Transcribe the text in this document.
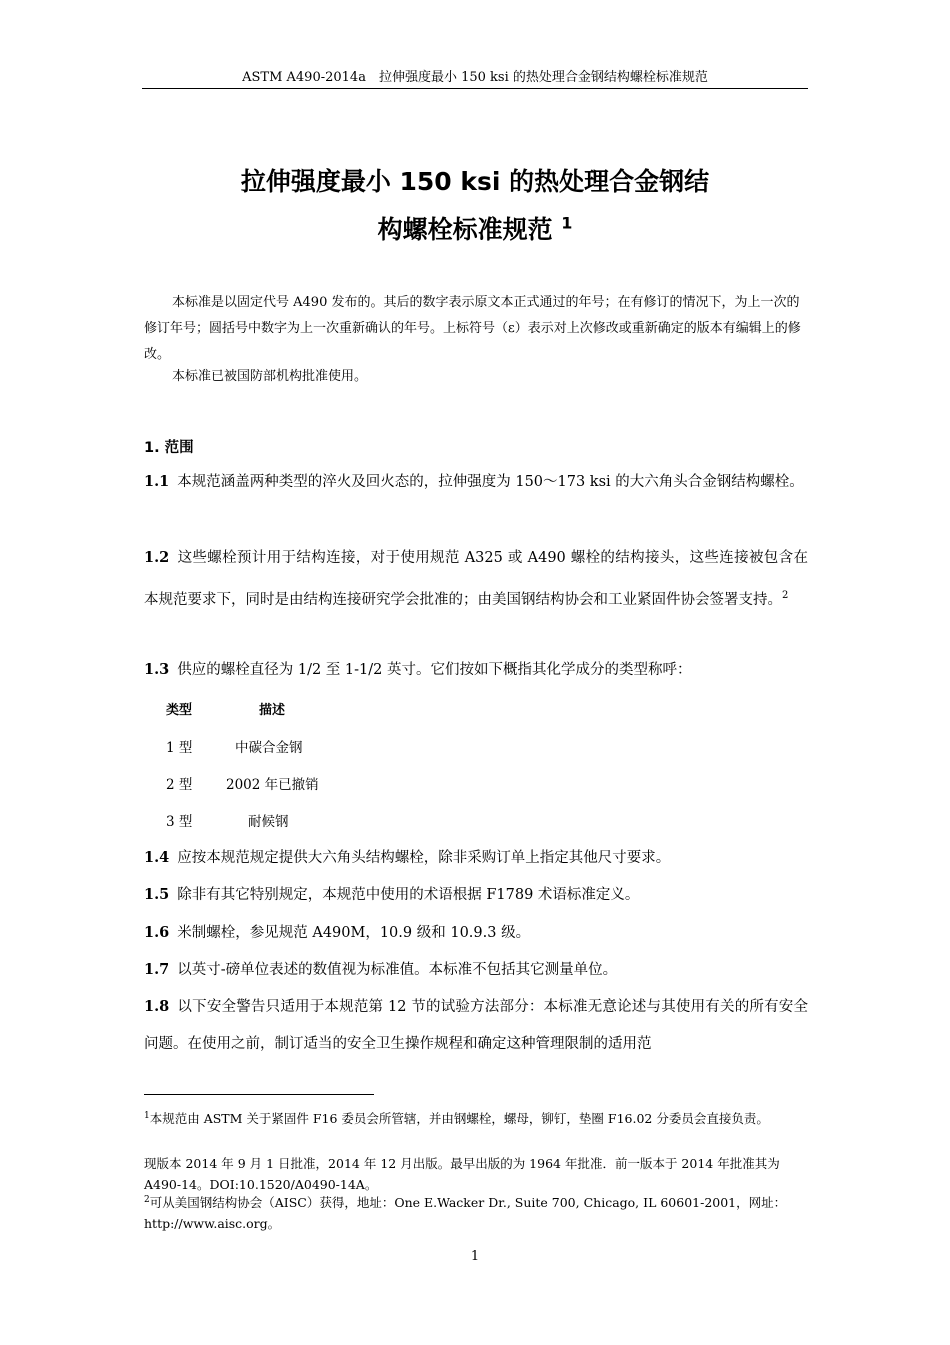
ASTM A490-2014a　拉伸强度最小 150 ksi 的热处理合金钢结构螺栓标准规范
拉伸强度最小 150 ksi 的热处理合金钢结
构螺栓标准规范 $^1$

本标准是以固定代号 A490 发布的。其后的数字表示原文本正式通过的年号；在有修订的情况下，为上一次的修订年号；圆括号中数字为上一次重新确认的年号。上标符号（ε）表示对上次修改或重新确定的版本有编辑上的修改。

本标准已被国防部机构批准使用。

1. 范围

1.1 本规范涵盖两种类型的淬火及回火态的，拉伸强度为 150～173 ksi 的大六角头合金钢结构螺栓。

1.2 这些螺栓预计用于结构连接，对于使用规范 A325 或 A490 螺栓的结构接头，这些连接被包含在本规范要求下，同时是由结构连接研究学会批准的；由美国钢结构协会和工业紧固件协会签署支持。$^2$

1.3 供应的螺栓直径为 1/2 至 1-1/2 英寸。它们按如下概指其化学成分的类型称呼：

类型	描述
1 型	中碳合金钢
2 型 2002 年已撤销
3 型	耐候钢

1.4 应按本规范规定提供大六角头结构螺栓，除非采购订单上指定其他尺寸要求。

1.5 除非有其它特别规定，本规范中使用的术语根据 F1789 术语标准定义。

1.6 米制螺栓，参见规范 A490M，10.9 级和 10.9.3 级。

1.7 以英寸-磅单位表述的数值视为标准值。本标准不包括其它测量单位。

1.8 以下安全警告只适用于本规范第 12 节的试验方法部分：本标准无意论述与其使用有关的所有安全问题。在使用之前，制订适当的安全卫生操作规程和确定这种管理限制的适用范

$^1$本规范由 ASTM 关于紧固件 F16 委员会所管辖，并由钢螺栓，螺母，铆钉，垫圈 F16.02 分委员会直接负责。

现版本 2014 年 9 月 1 日批准，2014 年 12 月出版。最早出版的为 1964 年批准．前一版本于 2014 年批准其为 A490-14。DOI:10.1520/A0490-14A。

$^2$可从美国钢结构协会（AISC）获得，地址：One E.Wacker Dr., Suite 700, Chicago, IL 60601-2001，网址：http://www.aisc.org。

1
